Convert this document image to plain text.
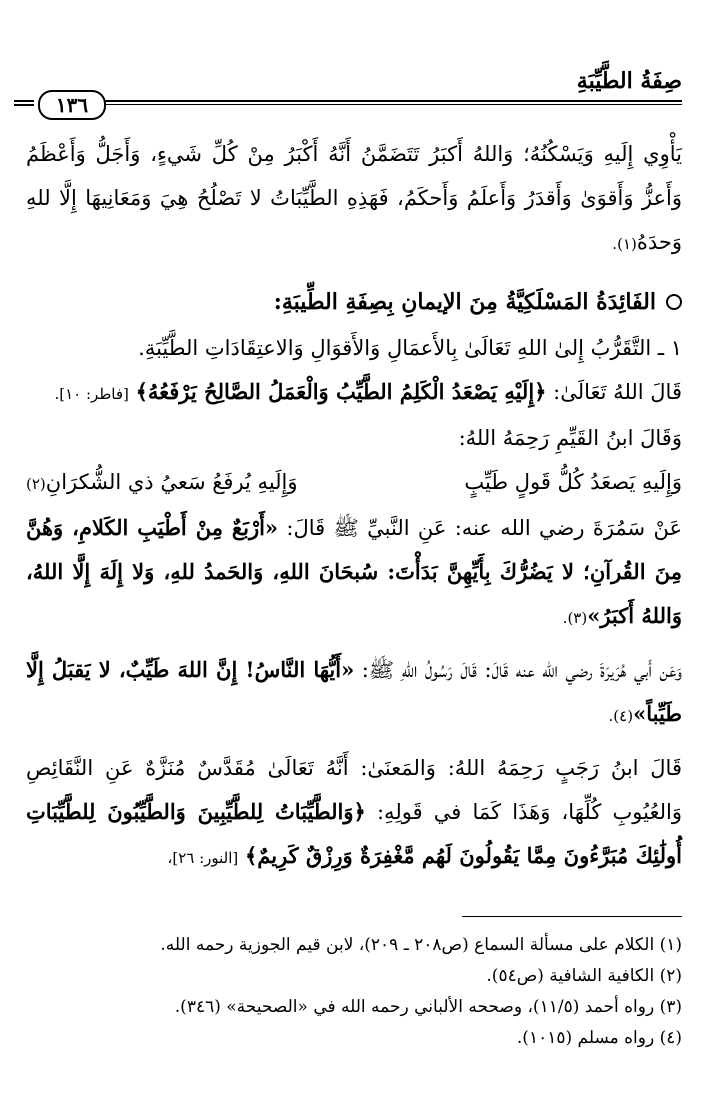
صِفَةُ الطَّيِّبَةِ
١٣٦

يَأْوِي إِلَيهِ وَيَسْكُنُهُ؛ وَاللهُ أَكبَرُ تَتَضَمَّنُ أَنَّهُ أَكْبَرُ مِنْ كُلِّ شَيءٍ، وَأَجَلُّ وَأَعْظَمُ وَأَعزُّ وَأَقوَىٰ وَأَقدَرُ وَأَعلَمُ وَأَحكَمُ، فَهَذِهِ الطَّيِّبَاتُ لا تَصْلُحُ هِيَ وَمَعَانِيهَا إِلَّا للهِ وَحدَهُ(١).

الفَائِدَةُ المَسْلَكِيَّةُ مِنَ الإيمانِ بِصِفَةِ الطِّيبَةِ:

١ ـ التَّقَرُّبُ إِلىٰ اللهِ تَعَالَىٰ بِالأَعمَالِ وَالأَقوَالِ وَالاعتِقَادَاتِ الطَّيِّبَةِ.

قَالَ اللهُ تَعَالَىٰ: ﴿إِلَيْهِ يَصْعَدُ الْكَلِمُ الطَّيِّبُ وَالْعَمَلُ الصَّالِحُ يَرْفَعُهُ﴾ [فاطر: ١٠].

وَقَالَ ابنُ القَيِّمِ رَحِمَهُ اللهُ:

وَإِلَيهِ يَصعَدُ كُلُّ قَولٍ طَيِّبٍ
وَإِلَيهِ يُرفَعُ سَعيُ ذي الشُّكرَانِ(٢)

عَنْ سَمُرَةَ رضي الله عنه: عَنِ النَّبيِّ ﷺ قَالَ: «أَرْبَعٌ مِنْ أَطْيَبِ الكَلامِ، وَهُنَّ مِنَ القُرآنِ؛ لا يَضُرُّكَ بِأَيِّهِنَّ بَدَأْتَ: سُبحَانَ اللهِ، وَالحَمدُ للهِ، وَلا إِلَهَ إِلَّا اللهُ، وَاللهُ أَكبَرُ»(٣).

وَعَن أَبي هُرَيرَةَ رضي الله عنه قَالَ: قَالَ رَسُولُ اللهِ ﷺ: «أَيُّهَا النَّاسُ! إِنَّ اللهَ طَيِّبٌ، لا يَقبَلُ إِلَّا طَيِّباً»(٤).

قَالَ ابنُ رَجَبٍ رَحِمَهُ اللهُ: وَالمَعنَىٰ: أَنَّهُ تَعَالَىٰ مُقَدَّسٌ مُنَزَّهٌ عَنِ النَّقَائِصِ وَالعُيُوبِ كُلِّهَا، وَهَذَا كَمَا في قَولِهِ: ﴿وَالطَّيِّبَاتُ لِلطَّيِّبِينَ وَالطَّيِّبُونَ لِلطَّيِّبَاتِ أُولَٰئِكَ مُبَرَّءُونَ مِمَّا يَقُولُونَ لَهُم مَّغْفِرَةٌ وَرِزْقٌ كَرِيمٌ﴾ [النور: ٢٦]،

(١) الكلام على مسألة السماع (ص٢٠٨ ـ ٢٠٩)، لابن قيم الجوزية رحمه الله.

(٢) الكافية الشافية (ص٥٤).

(٣) رواه أحمد (١١/٥)، وصححه الألباني رحمه الله في «الصحيحة» (٣٤٦).

(٤) رواه مسلم (١٠١٥).
